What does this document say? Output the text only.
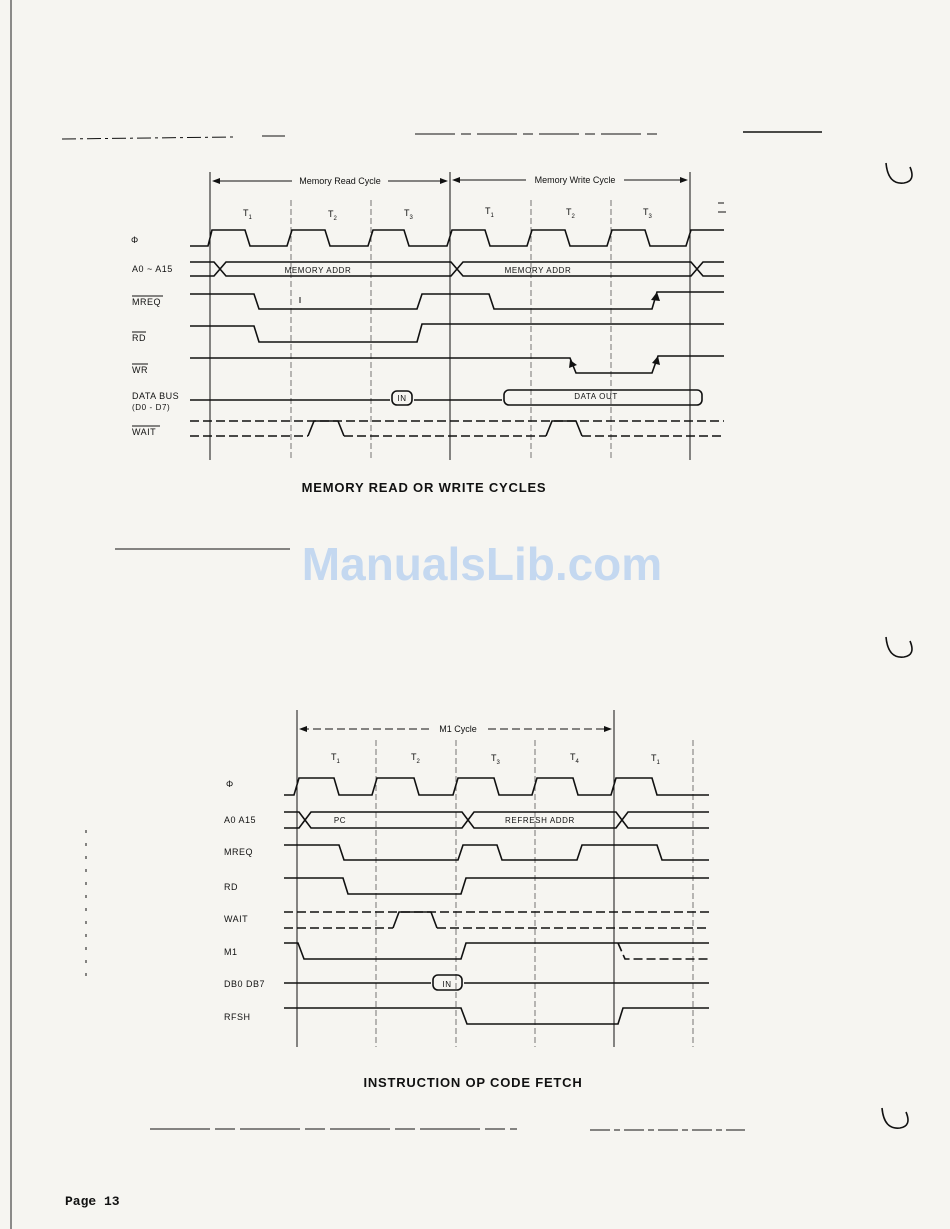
Memory Read Cycle	Memory Write Cycle
$T_1$	$T_2$
$T_3$
$T_1$	$T_2$	$T_3$
Φ
A0 ~ A15
MREQ
RD
WR
DATA BUS
(D0 - D7)
WAIT
MEMORY ADDR	MEMORY ADDR
IN	DATA OUT
MEMORY READ OR WRITE CYCLES
ManualsLib.com
M1 Cycle
$T_1$	$T_2$	$T_3$
$T_4$	$T_1$
Φ
A0 A15
MREQ
RD
WAIT
M1
DB0 DB7
RFSH
PC	REFRESH ADDR
IN
INSTRUCTION OP CODE FETCH
Page 13
